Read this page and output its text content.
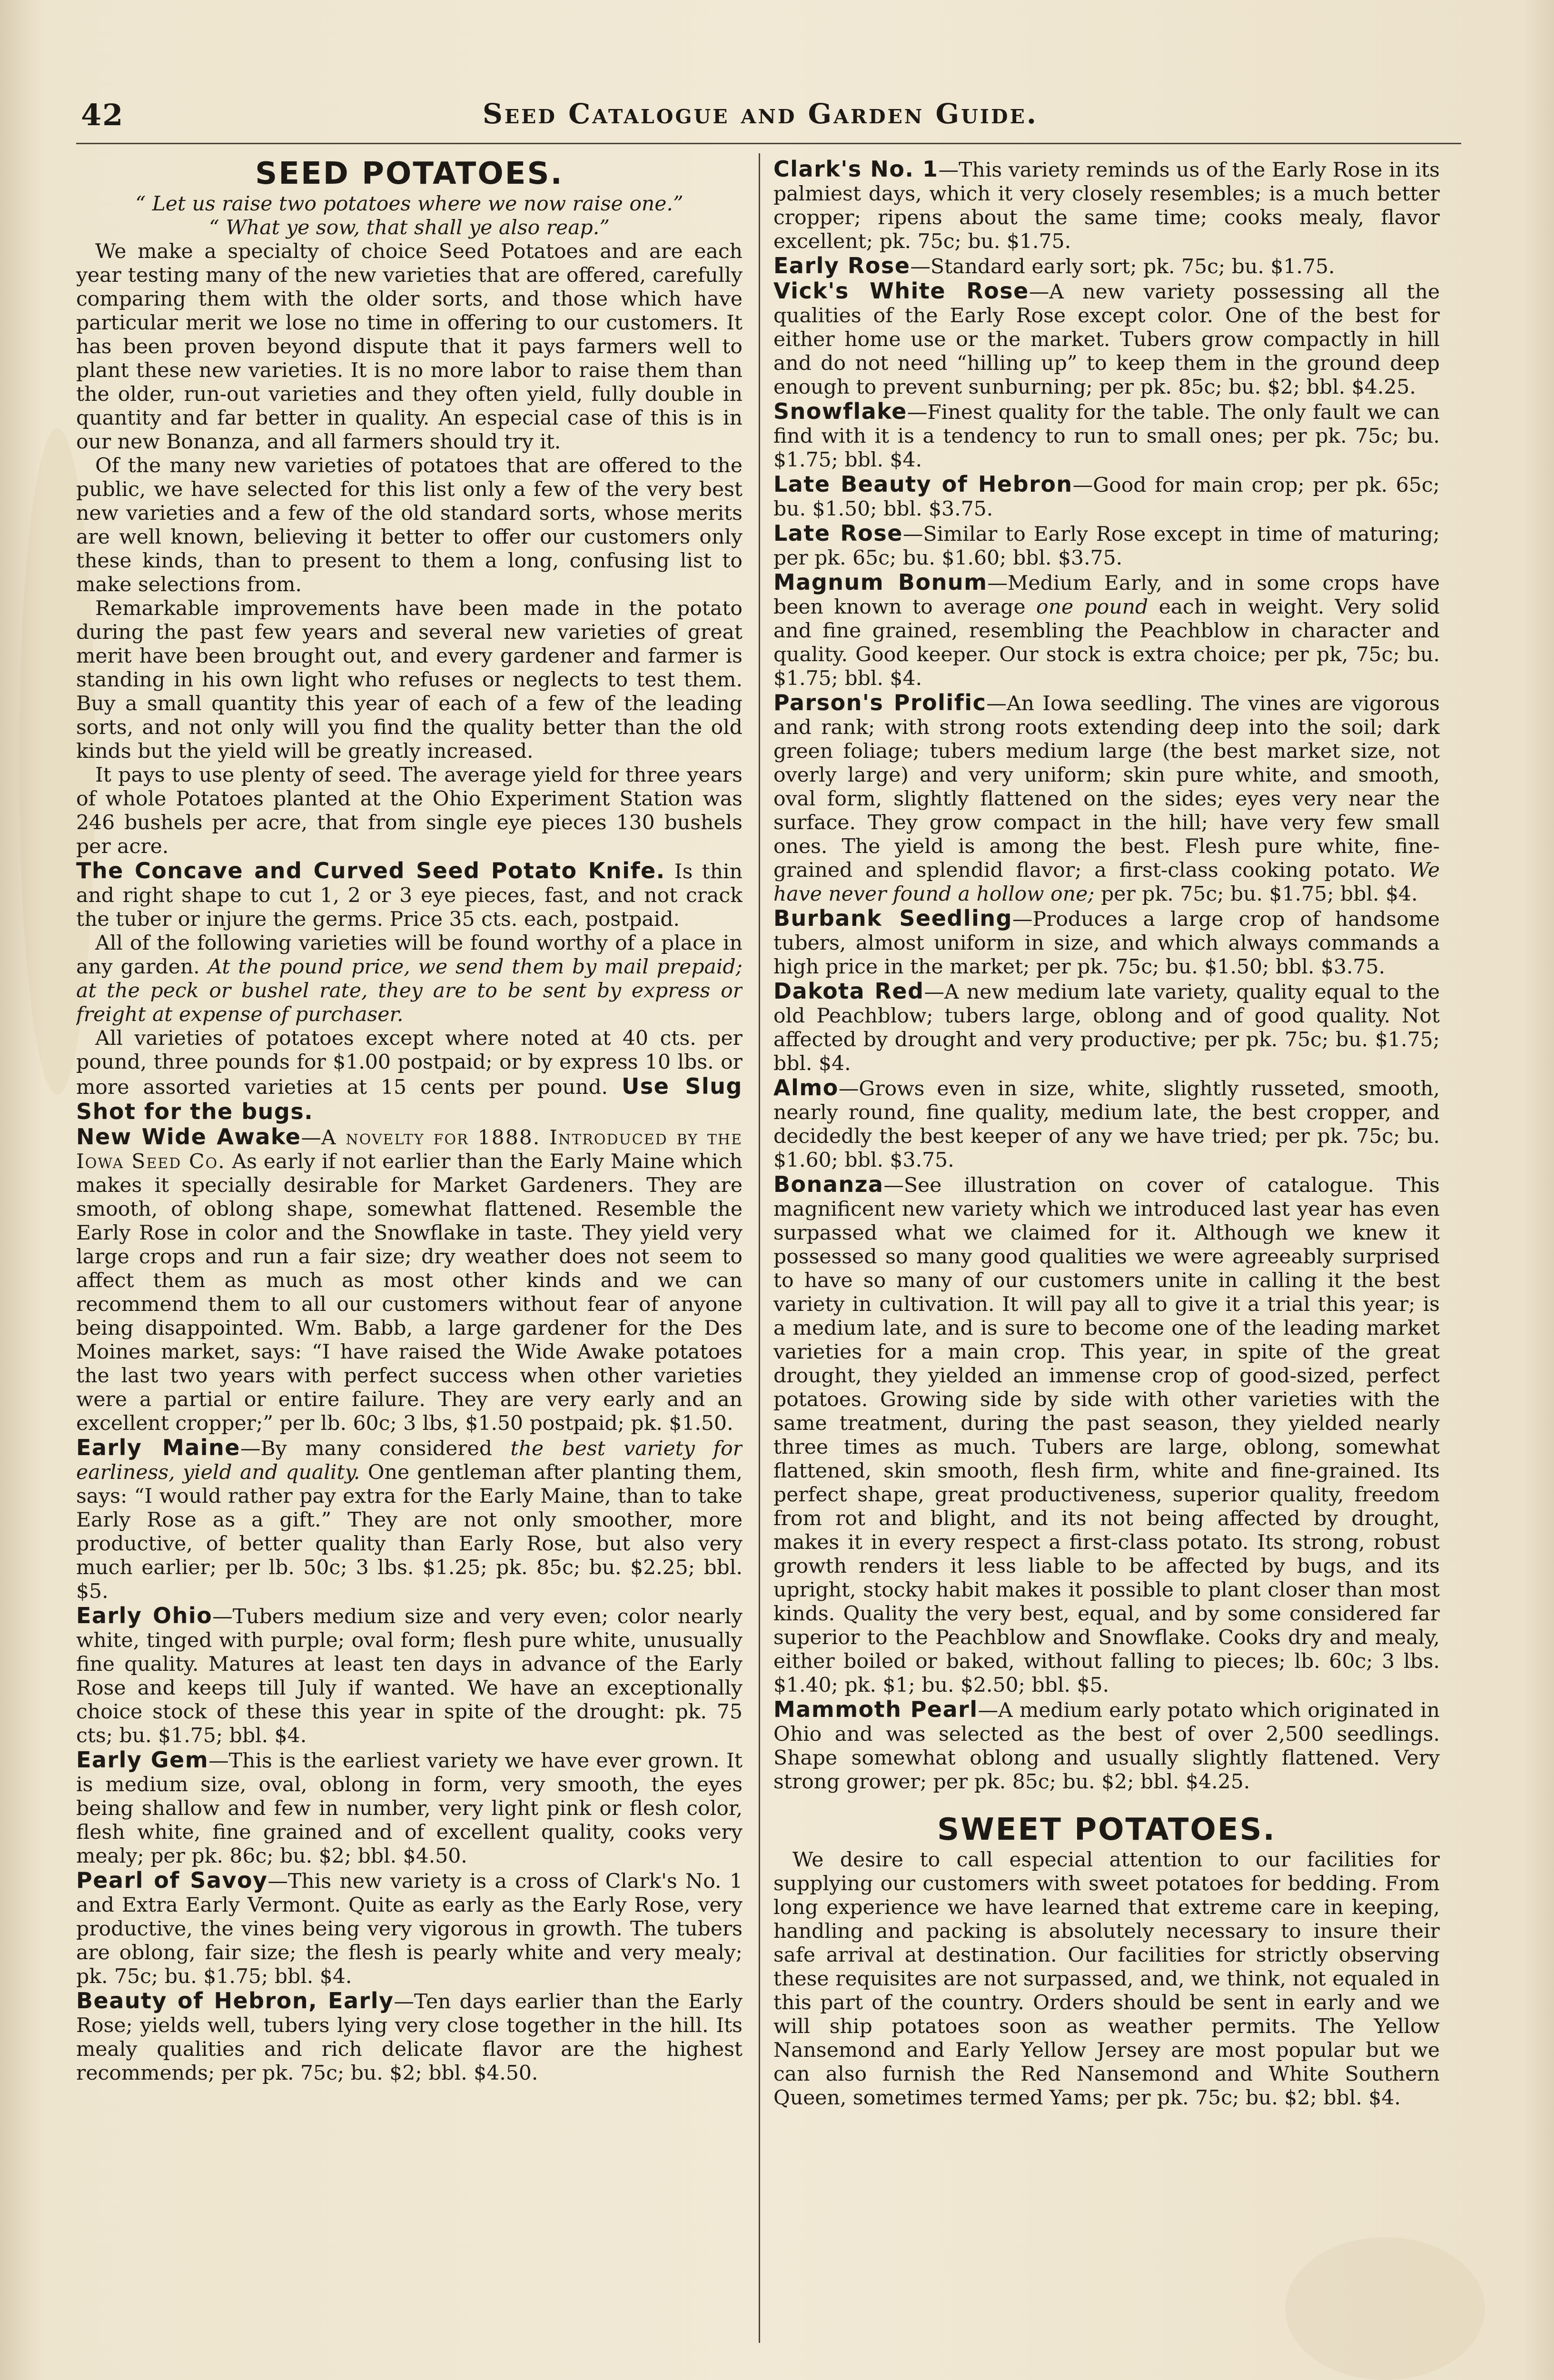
42	Seed Catalogue and Garden Guide.
SEED POTATOES.

“ Let us raise two potatoes where we now raise one.”

“ What ye sow, that shall ye also reap.”

We make a specialty of choice Seed Potatoes and are each year testing many of the new varieties that are offered, carefully comparing them with the older sorts, and those which have particular merit we lose no time in offering to our customers. It has been proven beyond dispute that it pays farmers well to plant these new varieties. It is no more labor to raise them than the older, run-out varieties and they often yield, fully double in quantity and far better in quality. An especial case of this is in our new Bonanza, and all farmers should try it.

Of the many new varieties of potatoes that are offered to the public, we have selected for this list only a few of the very best new varieties and a few of the old standard sorts, whose merits are well known, believing it better to offer our customers only these kinds, than to present to them a long, confusing list to make selections from.

Remarkable improvements have been made in the potato during the past few years and several new varieties of great merit have been brought out, and every gardener and farmer is standing in his own light who refuses or neglects to test them. Buy a small quantity this year of each of a few of the leading sorts, and not only will you find the quality better than the old kinds but the yield will be greatly increased.

It pays to use plenty of seed. The average yield for three years of whole Potatoes planted at the Ohio Experiment Station was 246 bushels per acre, that from single eye pieces 130 bushels per acre.

The Concave and Curved Seed Potato Knife. Is thin and right shape to cut 1, 2 or 3 eye pieces, fast, and not crack the tuber or injure the germs. Price 35 cts. each, postpaid.

All of the following varieties will be found worthy of a place in any garden. At the pound price, we send them by mail prepaid; at the peck or bushel rate, they are to be sent by express or freight at expense of purchaser.

All varieties of potatoes except where noted at 40 cts. per pound, three pounds for $1.00 postpaid; or by express 10 lbs. or more assorted varieties at 15 cents per pound. Use Slug Shot for the bugs.

New Wide Awake—A novelty for 1888. Introduced by the Iowa Seed Co. As early if not earlier than the Early Maine which makes it specially desirable for Market Gardeners. They are smooth, of oblong shape, somewhat flattened. Resemble the Early Rose in color and the Snowflake in taste. They yield very large crops and run a fair size; dry weather does not seem to affect them as much as most other kinds and we can recommend them to all our customers without fear of anyone being disappointed. Wm. Babb, a large gardener for the Des Moines market, says: “I have raised the Wide Awake potatoes the last two years with perfect success when other varieties were a partial or entire failure. They are very early and an excellent cropper;” per lb. 60c; 3 lbs, $1.50 postpaid; pk. $1.50.

Early Maine—By many considered the best variety for earliness, yield and quality. One gentleman after planting them, says: “I would rather pay extra for the Early Maine, than to take Early Rose as a gift.” They are not only smoother, more productive, of better quality than Early Rose, but also very much earlier; per lb. 50c; 3 lbs. $1.25; pk. 85c; bu. $2.25; bbl. $5.

Early Ohio—Tubers medium size and very even; color nearly white, tinged with purple; oval form; flesh pure white, unusually fine quality. Matures at least ten days in advance of the Early Rose and keeps till July if wanted. We have an exceptionally choice stock of these this year in spite of the drought: pk. 75 cts; bu. $1.75; bbl. $4.

Early Gem—This is the earliest variety we have ever grown. It is medium size, oval, oblong in form, very smooth, the eyes being shallow and few in number, very light pink or flesh color, flesh white, fine grained and of excellent quality, cooks very mealy; per pk. 86c; bu. $2; bbl. $4.50.

Pearl of Savoy—This new variety is a cross of Clark's No. 1 and Extra Early Vermont. Quite as early as the Early Rose, very productive, the vines being very vigorous in growth. The tubers are oblong, fair size; the flesh is pearly white and very mealy; pk. 75c; bu. $1.75; bbl. $4.

Beauty of Hebron, Early—Ten days earlier than the Early Rose; yields well, tubers lying very close together in the hill. Its mealy qualities and rich delicate flavor are the highest recommends; per pk. 75c; bu. $2; bbl. $4.50.

Clark's No. 1—This variety reminds us of the Early Rose in its palmiest days, which it very closely resembles; is a much better cropper; ripens about the same time; cooks mealy, flavor excellent; pk. 75c; bu. $1.75.

Early Rose—Standard early sort; pk. 75c; bu. $1.75.

Vick's White Rose—A new variety possessing all the qualities of the Early Rose except color. One of the best for either home use or the market. Tubers grow compactly in hill and do not need “hilling up” to keep them in the ground deep enough to prevent sunburning; per pk. 85c; bu. $2; bbl. $4.25.

Snowflake—Finest quality for the table. The only fault we can find with it is a tendency to run to small ones; per pk. 75c; bu. $1.75; bbl. $4.

Late Beauty of Hebron—Good for main crop; per pk. 65c; bu. $1.50; bbl. $3.75.

Late Rose—Similar to Early Rose except in time of maturing; per pk. 65c; bu. $1.60; bbl. $3.75.

Magnum Bonum—Medium Early, and in some crops have been known to average one pound each in weight. Very solid and fine grained, resembling the Peachblow in character and quality. Good keeper. Our stock is extra choice; per pk, 75c; bu. $1.75; bbl. $4.

Parson's Prolific—An Iowa seedling. The vines are vigorous and rank; with strong roots extending deep into the soil; dark green foliage; tubers medium large (the best market size, not overly large) and very uniform; skin pure white, and smooth, oval form, slightly flattened on the sides; eyes very near the surface. They grow compact in the hill; have very few small ones. The yield is among the best. Flesh pure white, fine-grained and splendid flavor; a first-class cooking potato. We have never found a hollow one; per pk. 75c; bu. $1.75; bbl. $4.

Burbank Seedling—Produces a large crop of handsome tubers, almost uniform in size, and which always commands a high price in the market; per pk. 75c; bu. $1.50; bbl. $3.75.

Dakota Red—A new medium late variety, quality equal to the old Peachblow; tubers large, oblong and of good quality. Not affected by drought and very productive; per pk. 75c; bu. $1.75; bbl. $4.

Almo—Grows even in size, white, slightly russeted, smooth, nearly round, fine quality, medium late, the best cropper, and decidedly the best keeper of any we have tried; per pk. 75c; bu. $1.60; bbl. $3.75.

Bonanza—See illustration on cover of catalogue. This magnificent new variety which we introduced last year has even surpassed what we claimed for it. Although we knew it possessed so many good qualities we were agreeably surprised to have so many of our customers unite in calling it the best variety in cultivation. It will pay all to give it a trial this year; is a medium late, and is sure to become one of the leading market varieties for a main crop. This year, in spite of the great drought, they yielded an immense crop of good-sized, perfect potatoes. Growing side by side with other varieties with the same treatment, during the past season, they yielded nearly three times as much. Tubers are large, oblong, somewhat flattened, skin smooth, flesh firm, white and fine-grained. Its perfect shape, great productiveness, superior quality, freedom from rot and blight, and its not being affected by drought, makes it in every respect a first-class potato. Its strong, robust growth renders it less liable to be affected by bugs, and its upright, stocky habit makes it possible to plant closer than most kinds. Quality the very best, equal, and by some considered far superior to the Peachblow and Snowflake. Cooks dry and mealy, either boiled or baked, without falling to pieces; lb. 60c; 3 lbs. $1.40; pk. $1; bu. $2.50; bbl. $5.

Mammoth Pearl—A medium early potato which originated in Ohio and was selected as the best of over 2,500 seedlings. Shape somewhat oblong and usually slightly flattened. Very strong grower; per pk. 85c; bu. $2; bbl. $4.25.

SWEET POTATOES.

We desire to call especial attention to our facilities for supplying our customers with sweet potatoes for bedding. From long experience we have learned that extreme care in keeping, handling and packing is absolutely necessary to insure their safe arrival at destination. Our facilities for strictly observing these requisites are not surpassed, and, we think, not equaled in this part of the country. Orders should be sent in early and we will ship potatoes soon as weather permits. The Yellow Nansemond and Early Yellow Jersey are most popular but we can also furnish the Red Nansemond and White Southern Queen, sometimes termed Yams; per pk. 75c; bu. $2; bbl. $4.
